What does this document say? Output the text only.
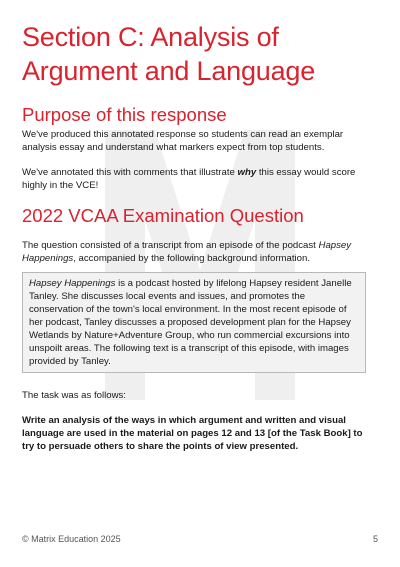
Section C: Analysis of Argument and Language
Purpose of this response

We've produced this annotated response so students can read an exemplar analysis essay and understand what markers expect from top students.

We've annotated this with comments that illustrate why this essay would score highly in the VCE!

2022 VCAA Examination Question

The question consisted of a transcript from an episode of the podcast Hapsey Happenings, accompanied by the following background information.

Hapsey Happenings is a podcast hosted by lifelong Hapsey resident Janelle Tanley. She discusses local events and issues, and promotes the conservation of the town's local environment. In the most recent episode of her podcast, Tanley discusses a proposed development plan for the Hapsey Wetlands by Nature+Adventure Group, who run commercial excursions into unspoilt areas. The following text is a transcript of this episode, with images provided by Tanley.

The task was as follows:

Write an analysis of the ways in which argument and written and visual language are used in the material on pages 12 and 13 [of the Task Book] to try to persuade others to share the points of view presented.

© Matrix Education 2025	5
